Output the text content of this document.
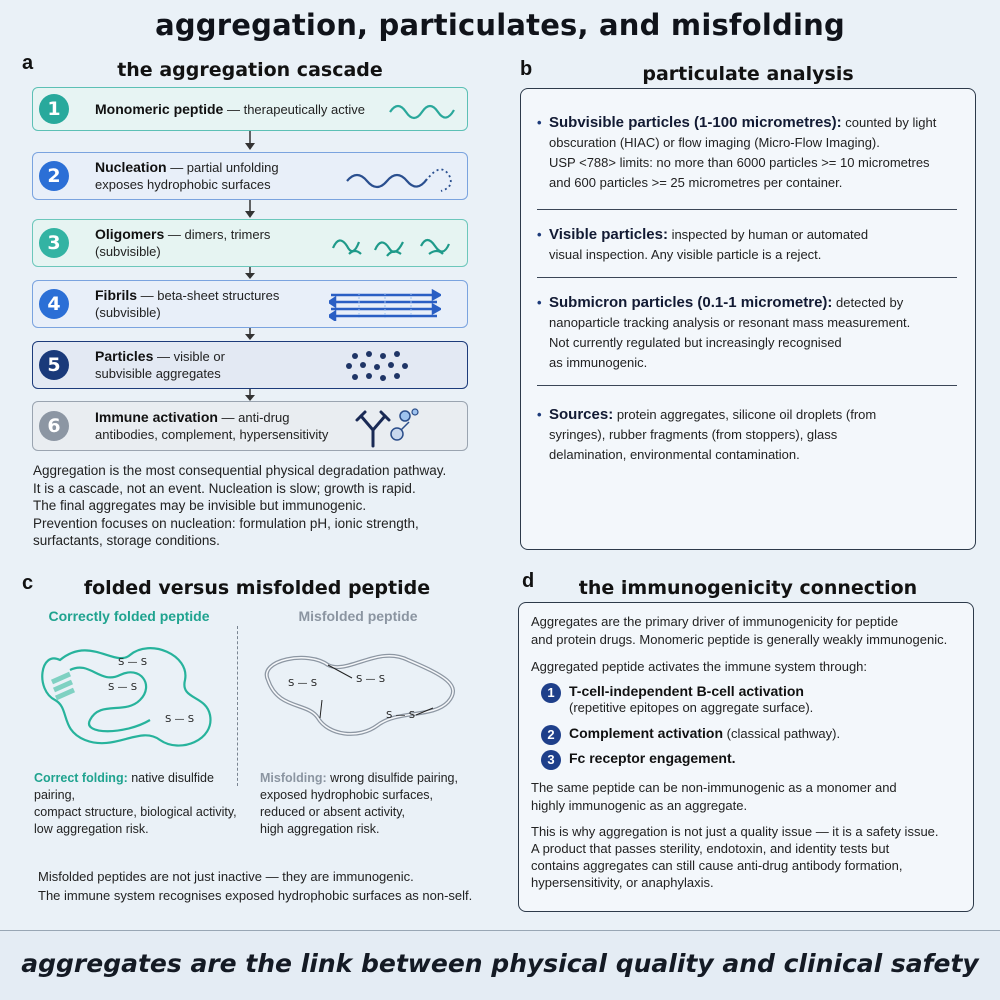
aggregation, particulates, and misfolding
a	the aggregation cascade
1	Monomeric peptide — therapeutically active
2	Nucleation — partial unfolding
exposes hydrophobic surfaces
3	Oligomers — dimers, trimers
(subvisible)
4	Fibrils — beta-sheet structures
(subvisible)
5	Particles — visible or
subvisible aggregates
6	Immune activation — anti-drug
antibodies, complement, hypersensitivity
Aggregation is the most consequential physical degradation pathway.
It is a cascade, not an event. Nucleation is slow; growth is rapid.
The final aggregates may be invisible but immunogenic.
Prevention focuses on nucleation: formulation pH, ionic strength,
surfactants, storage conditions.
b	particulate analysis
• Subvisible particles (1-100 micrometres): counted by light
obscuration (HIAC) or flow imaging (Micro-Flow Imaging).
USP <788> limits: no more than 6000 particles >= 10 micrometres
and 600 particles >= 25 micrometres per container.
• Visible particles: inspected by human or automated
visual inspection. Any visible particle is a reject.
• Submicron particles (0.1-1 micrometre): detected by
nanoparticle tracking analysis or resonant mass measurement.
Not currently regulated but increasingly recognised
as immunogenic.
• Sources: protein aggregates, silicone oil droplets (from
syringes), rubber fragments (from stoppers), glass
delamination, environmental contamination.
c	folded versus misfolded peptide
Correctly folded peptide	Misfolded peptide
S — S
S — S
S — S
S — S
S — S
S — S
Correct folding: native disulfide pairing,
compact structure, biological activity,
low aggregation risk.
Misfolding: wrong disulfide pairing,
exposed hydrophobic surfaces,
reduced or absent activity,
high aggregation risk.
Misfolded peptides are not just inactive — they are immunogenic.
The immune system recognises exposed hydrophobic surfaces as non-self.
d	the immunogenicity connection
Aggregates are the primary driver of immunogenicity for peptide
and protein drugs. Monomeric peptide is generally weakly immunogenic.
Aggregated peptide activates the immune system through:
1	T-cell-independent B-cell activation
(repetitive epitopes on aggregate surface).
2	Complement activation (classical pathway).
3	Fc receptor engagement.
The same peptide can be non-immunogenic as a monomer and
highly immunogenic as an aggregate.
This is why aggregation is not just a quality issue — it is a safety issue.
A product that passes sterility, endotoxin, and identity tests but
contains aggregates can still cause anti-drug antibody formation,
hypersensitivity, or anaphylaxis.
aggregates are the link between physical quality and clinical safety
